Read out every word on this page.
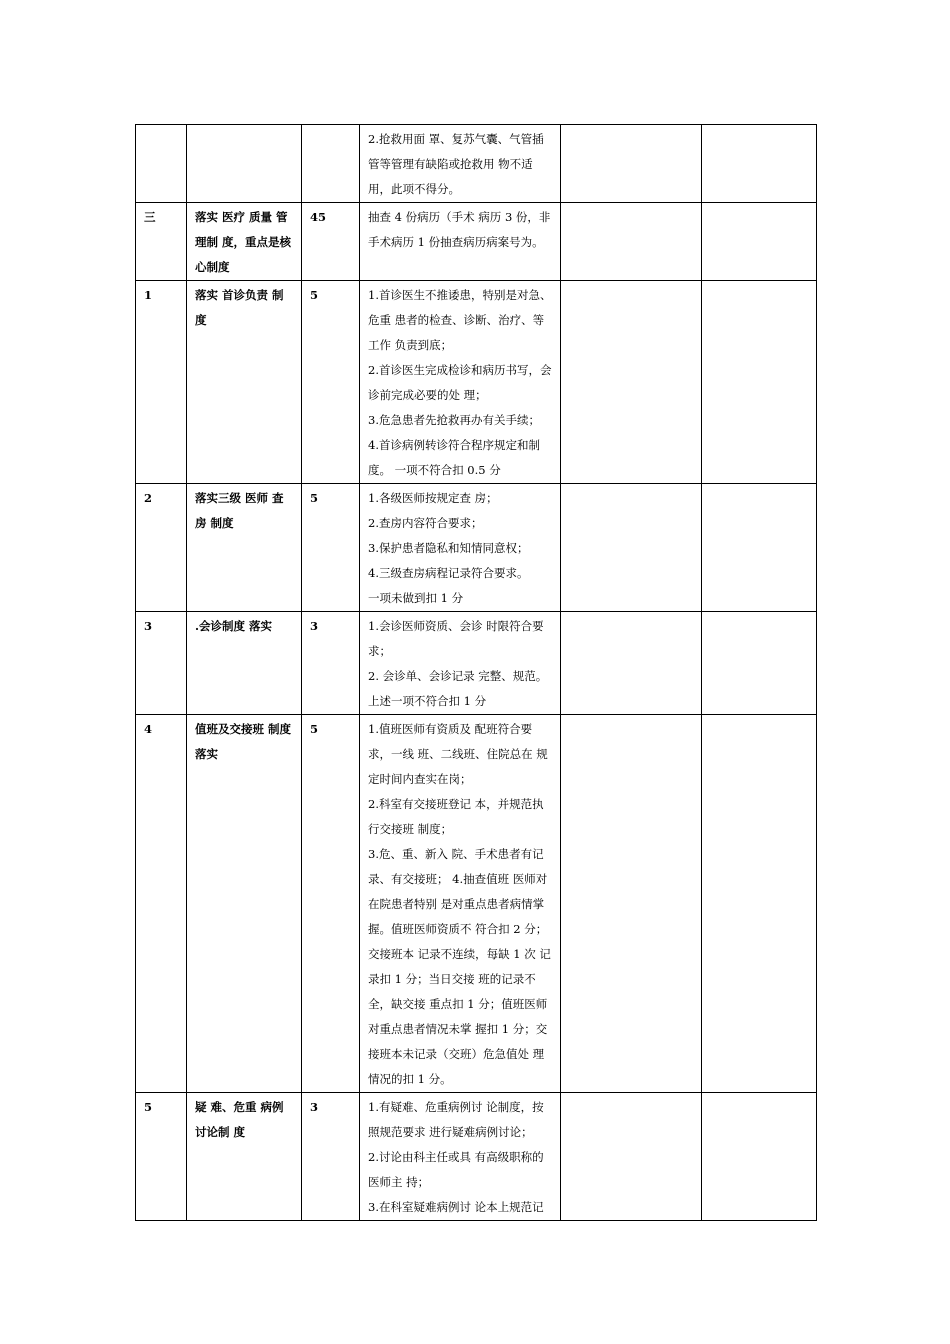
			2.抢救用面 罩、复苏气囊、气管插管等管理有缺陷或抢救用 物不适用，此项不得分。		

三	落实 医疗 质量 管理制 度，重点是核心制度	45	抽查 4 份病历（手术 病历 3 份，非手术病历 1 份抽查病历病案号为。		

1	落实 首诊负责 制度	5	1.首诊医生不推诿患，特别是对急、危重 患者的检查、诊断、治疗、等工作 负责到底；
2.首诊医生完成检诊和病历书写，会诊前完成必要的处 理；
3.危急患者先抢救再办有关手续；
4.首诊病例转诊符合程序规定和制度。 一项不符合扣 0.5 分		

2	落实三级 医师 查房 制度	5	1.各级医师按规定查 房；
2.查房内容符合要求；
3.保护患者隐私和知情同意权；
4.三级查房病程记录符合要求。
一项未做到扣 1 分		

3	.会诊制度 落实	3	1.会诊医师资质、会诊 时限符合要求；
2. 会诊单、会诊记录 完整、规范。
上述一项不符合扣 1 分		

4	值班及交接班 制度 落实	5	1.值班医师有资质及 配班符合要求，一线 班、二线班、住院总在 规定时间内查实在岗；
2.科室有交接班登记 本，并规范执行交接班 制度；
3.危、重、新入 院、手术患者有记录、有交接班； 4.抽查值班 医师对在院患者特别 是对重点患者病情掌 握。值班医师资质不 符合扣 2 分；交接班本 记录不连续，每缺 1 次 记录扣 1 分；当日交接 班的记录不全，缺交接 重点扣 1 分；值班医师 对重点患者情况未掌 握扣 1 分；交接班本未记录（交班）危急值处 理情况的扣 1 分。		

5	疑 难、危重 病例 讨论制 度	3	1.有疑难、危重病例讨 论制度，按照规范要求 进行疑难病例讨论；
2.讨论由科主任或具 有高级职称的医师主 持；
3.在科室疑难病例讨 论本上规范记		
